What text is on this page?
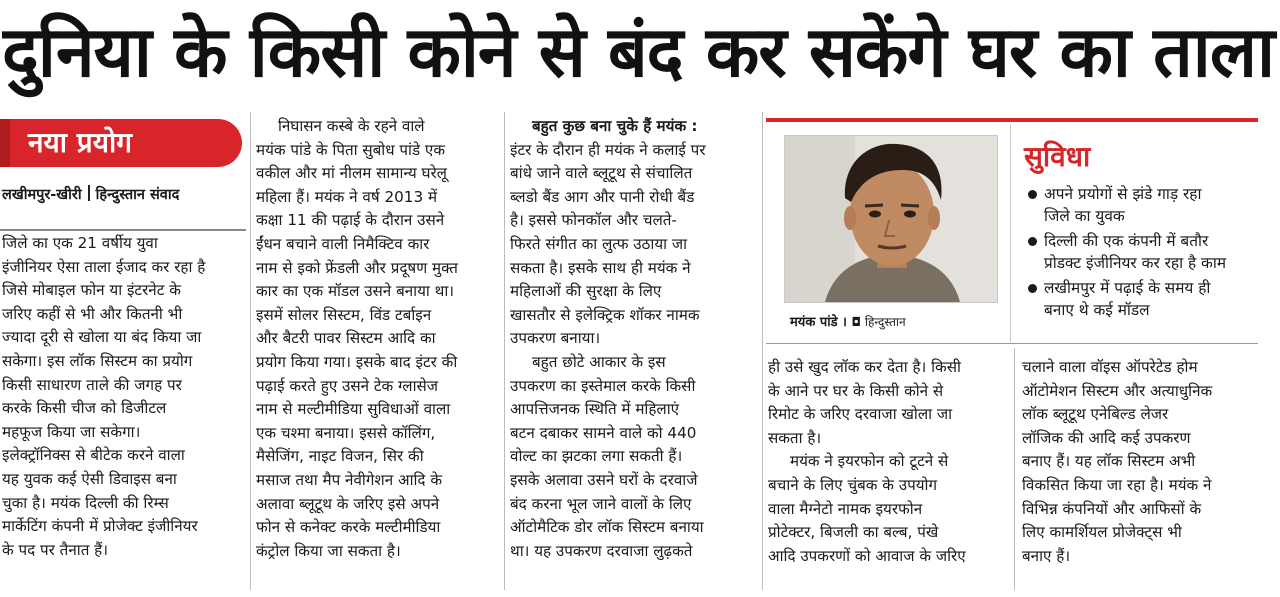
दुनिया के किसी कोने से बंद कर सकेंगे घर का ताला
नया प्रयोग
लखीमपुर-खीरी हिन्दुस्तान संवाद

जिले का एक 21 वर्षीय युवा

इंजीनियर ऐसा ताला ईजाद कर रहा है

जिसे मोबाइल फोन या इंटरनेट के

जरिए कहीं से भी और कितनी भी

ज्यादा दूरी से खोला या बंद किया जा

सकेगा। इस लॉक सिस्टम का प्रयोग

किसी साधारण ताले की जगह पर

करके किसी चीज को डिजीटल

महफूज किया जा सकेगा।

इलेक्ट्रॉनिक्स से बीटेक करने वाला

यह युवक कई ऐसी डिवाइस बना

चुका है। मयंक दिल्ली की रिम्स

मार्केटिंग कंपनी में प्रोजेक्ट इंजीनियर

के पद पर तैनात हैं।

निघासन कस्बे के रहने वाले

मयंक पांडे के पिता सुबोध पांडे एक

वकील और मां नीलम सामान्य घरेलू

महिला हैं। मयंक ने वर्ष 2013 में

कक्षा 11 की पढ़ाई के दौरान उसने

ईंधन बचाने वाली निमैक्टिव कार

नाम से इको फ्रेंडली और प्रदूषण मुक्त

कार का एक मॉडल उसने बनाया था।

इसमें सोलर सिस्टम, विंड टर्बाइन

और बैटरी पावर सिस्टम आदि का

प्रयोग किया गया। इसके बाद इंटर की

पढ़ाई करते हुए उसने टेक ग्लासेज

नाम से मल्टीमीडिया सुविधाओं वाला

एक चश्मा बनाया। इससे कॉलिंग,

मैसेजिंग, नाइट विजन, सिर की

मसाज तथा मैप नेवीगेशन आदि के

अलावा ब्लूटूथ के जरिए इसे अपने

फोन से कनेक्ट करके मल्टीमीडिया

कंट्रोल किया जा सकता है।

बहुत कुछ बना चुके हैं मयंक :

इंटर के दौरान ही मयंक ने कलाई पर

बांधे जाने वाले ब्लूटूथ से संचालित

ब्लडो बैंड आग और पानी रोधी बैंड

है। इससे फोनकॉल और चलते-

फिरते संगीत का लुत्फ उठाया जा

सकता है। इसके साथ ही मयंक ने

महिलाओं की सुरक्षा के लिए

खासतौर से इलेक्ट्रिक शॉकर नामक

उपकरण बनाया।

बहुत छोटे आकार के इस

उपकरण का इस्तेमाल करके किसी

आपत्तिजनक स्थिति में महिलाएं

बटन दबाकर सामने वाले को 440

वोल्ट का झटका लगा सकती हैं।

इसके अलावा उसने घरों के दरवाजे

बंद करना भूल जाने वालों के लिए

ऑटोमैटिक डोर लॉक सिस्टम बनाया

था। यह उपकरण दरवाजा लुढ़कते

मयंक पांडे । ◘ हिन्दुस्तान
सुविधा
अपने प्रयोगों से झंडे गाड़ रहा
जिले का युवक
दिल्ली की एक कंपनी में बतौर
प्रोडक्ट इंजीनियर कर रहा है काम
लखीमपुर में पढ़ाई के समय ही
बनाए थे कई मॉडल

ही उसे खुद लॉक कर देता है। किसी

के आने पर घर के किसी कोने से

रिमोट के जरिए दरवाजा खोला जा

सकता है।

मयंक ने इयरफोन को टूटने से

बचाने के लिए चुंबक के उपयोग

वाला मैग्नेटो नामक इयरफोन

प्रोटेक्टर, बिजली का बल्ब, पंखे

आदि उपकरणों को आवाज के जरिए

चलाने वाला वॉइस ऑपरेटेड होम

ऑटोमेशन सिस्टम और अत्याधुनिक

लॉक ब्लूटूथ एनेबिल्ड लेजर

लॉजिक की आदि कई उपकरण

बनाए हैं। यह लॉक सिस्टम अभी

विकसित किया जा रहा है। मयंक ने

विभिन्न कंपनियों और आफिसों के

लिए कामर्शियल प्रोजेक्ट्स भी

बनाए हैं।
